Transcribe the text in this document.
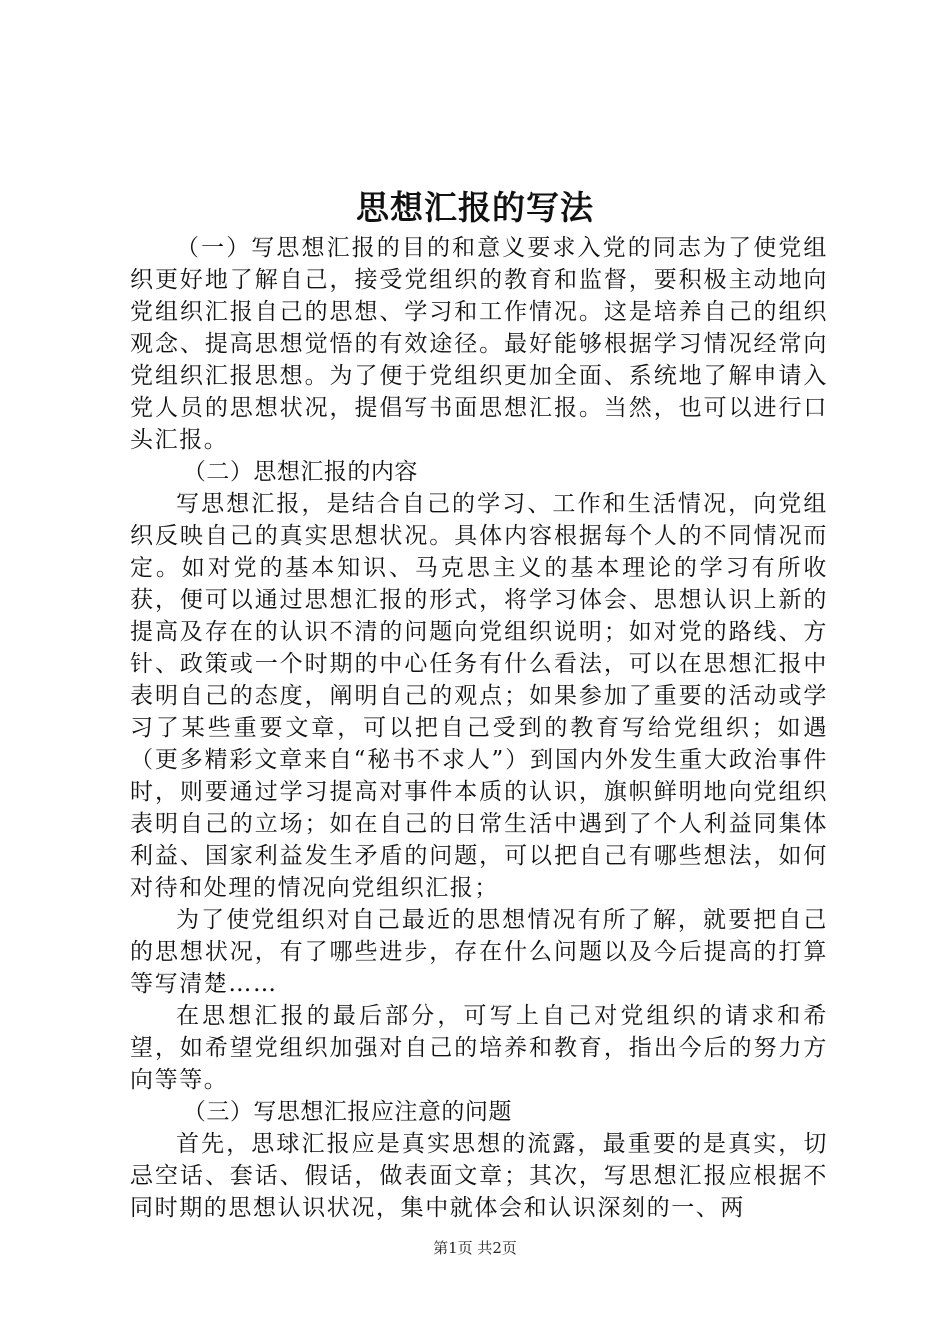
思想汇报的写法

（一）写思想汇报的目的和意义要求入党的同志为了使党组织更好地了解自己，接受党组织的教育和监督，要积极主动地向党组织汇报自己的思想、学习和工作情况。这是培养自己的组织观念、提高思想觉悟的有效途径。最好能够根据学习情况经常向党组织汇报思想。为了便于党组织更加全面、系统地了解申请入党人员的思想状况，提倡写书面思想汇报。当然，也可以进行口头汇报。

（二）思想汇报的内容

写思想汇报，是结合自己的学习、工作和生活情况，向党组织反映自己的真实思想状况。具体内容根据每个人的不同情况而定。如对党的基本知识、马克思主义的基本理论的学习有所收获，便可以通过思想汇报的形式，将学习体会、思想认识上新的提高及存在的认识不清的问题向党组织说明；如对党的路线、方针、政策或一个时期的中心任务有什么看法，可以在思想汇报中表明自己的态度，阐明自己的观点；如果参加了重要的活动或学习了某些重要文章，可以把自己受到的教育写给党组织；如遇（更多精彩文章来自“秘书不求人”）到国内外发生重大政治事件时，则要通过学习提高对事件本质的认识，旗帜鲜明地向党组织表明自己的立场；如在自己的日常生活中遇到了个人利益同集体利益、国家利益发生矛盾的问题，可以把自己有哪些想法，如何对待和处理的情况向党组织汇报；

为了使党组织对自己最近的思想情况有所了解，就要把自己的思想状况，有了哪些进步，存在什么问题以及今后提高的打算等写清楚……

在思想汇报的最后部分，可写上自己对党组织的请求和希望，如希望党组织加强对自己的培养和教育，指出今后的努力方向等等。

（三）写思想汇报应注意的问题

首先，思球汇报应是真实思想的流露，最重要的是真实，切忌空话、套话、假话，做表面文章；其次，写思想汇报应根据不同时期的思想认识状况，集中就体会和认识深刻的一、两

第1页 共2页
